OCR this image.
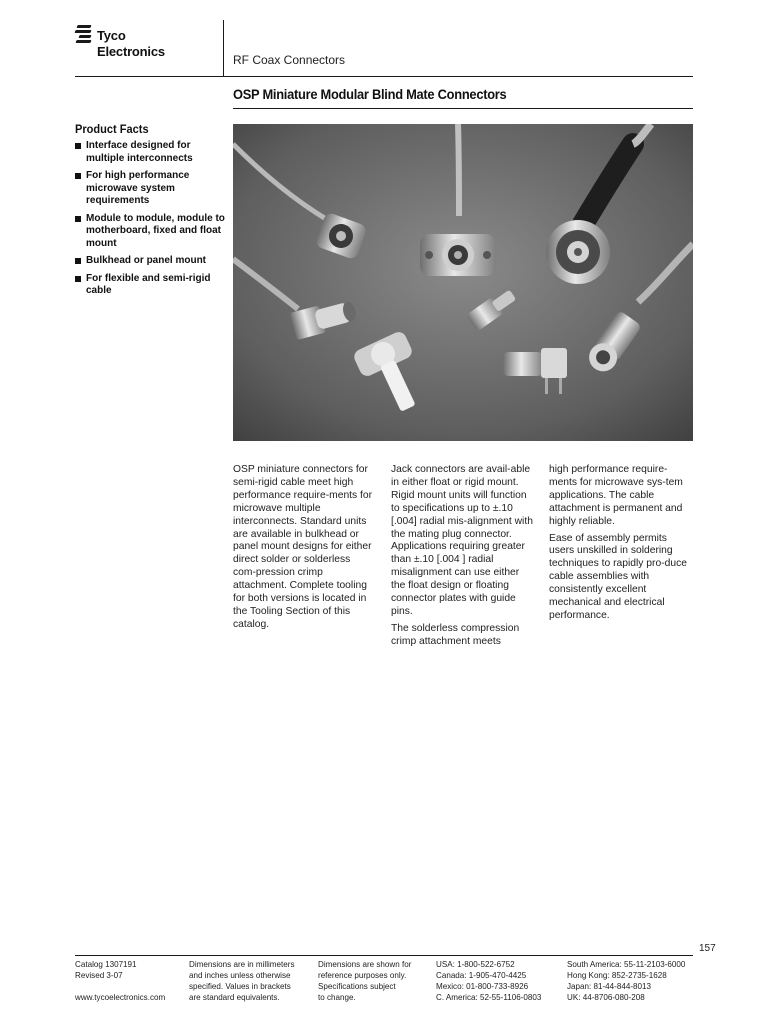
Tyco
Electronics
RF Coax Connectors
OSP Miniature Modular Blind Mate Connectors
Product Facts
Interface designed for multiple interconnects
For high performance microwave system requirements
Module to module, module to motherboard, fixed and float mount
Bulkhead or panel mount
For flexible and semi-rigid cable

OSP miniature connectors for semi-rigid cable meet high performance require-ments for microwave multiple interconnects. Standard units are available in bulkhead or panel mount designs for either direct solder or solderless com-pression crimp attachment. Complete tooling for both versions is located in the Tooling Section of this catalog.

Jack connectors are avail-able in either float or rigid mount. Rigid mount units will function to specifications up to ±.10 [.004] radial mis-alignment with the mating plug connector. Applications requiring greater than ±.10 [.004 ] radial misalignment can use either the float design or floating connector plates with guide pins.

The solderless compression crimp attachment meets

high performance require-ments for microwave sys-tem applications. The cable attachment is permanent and highly reliable.

Ease of assembly permits users unskilled in soldering techniques to rapidly pro-duce cable assemblies with consistently excellent mechanical and electrical performance.

157
Catalog 1307191
Revised 3-07

www.tycoelectronics.com
Dimensions are in millimeters
and inches unless otherwise
specified. Values in brackets
are standard equivalents.
Dimensions are shown for
reference purposes only.
Specifications subject
to change.
USA: 1-800-522-6752
Canada: 1-905-470-4425
Mexico: 01-800-733-8926
C. America: 52-55-1106-0803
South America: 55-11-2103-6000
Hong Kong: 852-2735-1628
Japan: 81-44-844-8013
UK: 44-8706-080-208
